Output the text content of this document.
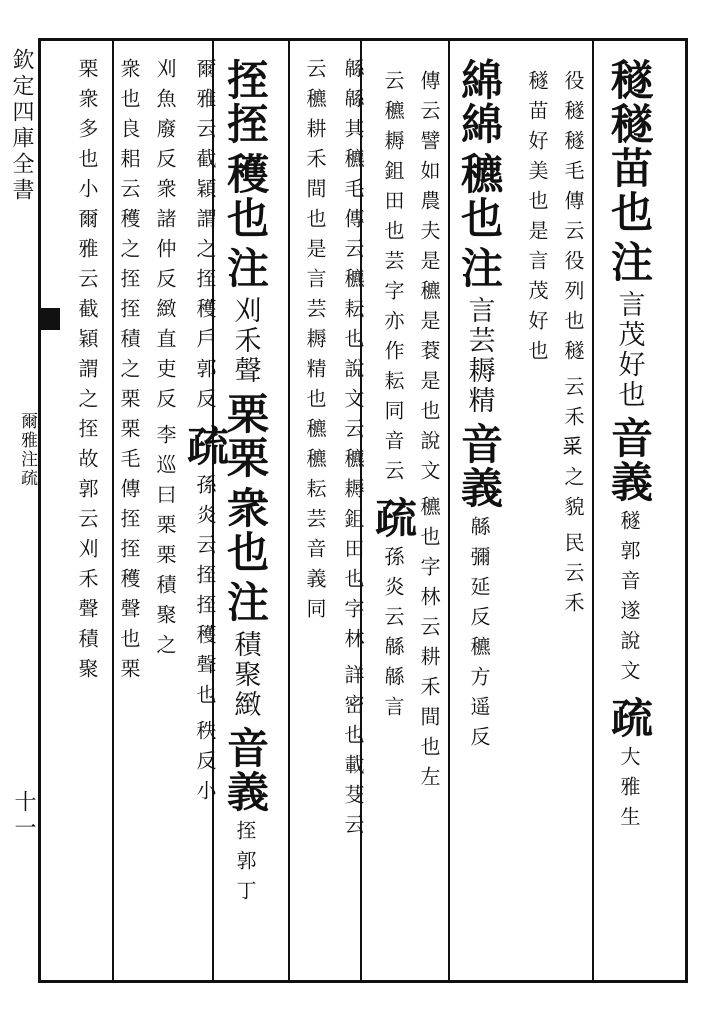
欽定四庫全書
爾雅注疏
十一
穟穟苗也
注
言茂好也
音義
穟郭音遂說文
疏
大雅生
役穟穟毛傳云役列也穟
云禾𥝩之貌
民云禾
穟苗好美也是言茂好也
綿綿
穮也
注
言芸耨精
音義
緜彌延反穮方遥反
傳云譬如農夫是穮是蔉是也說文
穮也字林云耕禾間也左
云穮耨鉏田也芸字亦作耘同音云
疏
孫炎云緜緜言
緜緜其穮毛傳云穮耘也說文云穮耨鉏田也字林
詳密也載芟云
云穮耕禾間也是言芸耨精也穮穮耘芸音義同
挃挃
穫也
注
刈禾聲
栗栗
衆也
注
積聚緻
音義
挃郭丁
爾雅云截穎謂之挃穫戶郭反
疏
孫炎云挃挃穫聲也
秩反小
刈魚廢反衆諸仲反緻直吏反
李巡曰栗栗積聚之
衆也良耜云穫之挃挃積之栗栗毛傳挃挃穫聲也栗
栗衆多也小爾雅云截穎謂之挃故郭云刈禾聲積聚
